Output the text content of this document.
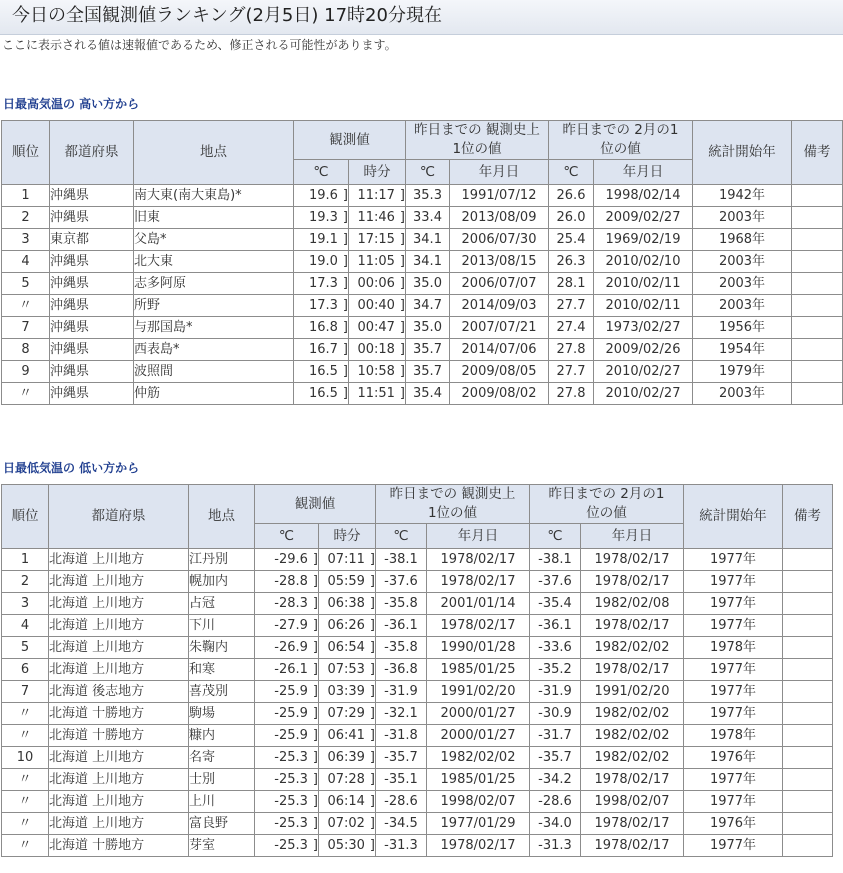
今日の全国観測値ランキング(2月5日) 17時20分現在
ここに表示される値は速報値であるため、修正される可能性があります。
日最高気温の 高い方から
順位	都道府県	地点	観測値		昨日までの 観測史上1位の値		昨日までの 2月の1位の値		統計開始年	備考
			℃	時分	℃	年月日	℃	年月日		
1	沖縄県	南大東(南大東島)*	19.6 ]	11:17 ]	35.3	1991/07/12	26.6	1998/02/14	1942年	
2	沖縄県	旧東	19.3 ]	11:46 ]	33.4	2013/08/09	26.0	2009/02/27	2003年	
3	東京都	父島*	19.1 ]	17:15 ]	34.1	2006/07/30	25.4	1969/02/19	1968年	
4	沖縄県	北大東	19.0 ]	11:05 ]	34.1	2013/08/15	26.3	2010/02/10	2003年	
5	沖縄県	志多阿原	17.3 ]	00:06 ]	35.0	2006/07/07	28.1	2010/02/11	2003年	
〃	沖縄県	所野	17.3 ]	00:40 ]	34.7	2014/09/03	27.7	2010/02/11	2003年	
7	沖縄県	与那国島*	16.8 ]	00:47 ]	35.0	2007/07/21	27.4	1973/02/27	1956年	
8	沖縄県	西表島*	16.7 ]	00:18 ]	35.7	2014/07/06	27.8	2009/02/26	1954年	
9	沖縄県	波照間	16.5 ]	10:58 ]	35.7	2009/08/05	27.7	2010/02/27	1979年	
〃	沖縄県	仲筋	16.5 ]	11:51 ]	35.4	2009/08/02	27.8	2010/02/27	2003年	
日最低気温の 低い方から
順位	都道府県	地点	観測値		昨日までの 観測史上1位の値		昨日までの 2月の1位の値		統計開始年	備考
			℃	時分	℃	年月日	℃	年月日		
1	北海道 上川地方	江丹別	-29.6 ]	07:11 ]	-38.1	1978/02/17	-38.1	1978/02/17	1977年	
2	北海道 上川地方	幌加内	-28.8 ]	05:59 ]	-37.6	1978/02/17	-37.6	1978/02/17	1977年	
3	北海道 上川地方	占冠	-28.3 ]	06:38 ]	-35.8	2001/01/14	-35.4	1982/02/08	1977年	
4	北海道 上川地方	下川	-27.9 ]	06:26 ]	-36.1	1978/02/17	-36.1	1978/02/17	1977年	
5	北海道 上川地方	朱鞠内	-26.9 ]	06:54 ]	-35.8	1990/01/28	-33.6	1982/02/02	1978年	
6	北海道 上川地方	和寒	-26.1 ]	07:53 ]	-36.8	1985/01/25	-35.2	1978/02/17	1977年	
7	北海道 後志地方	喜茂別	-25.9 ]	03:39 ]	-31.9	1991/02/20	-31.9	1991/02/20	1977年	
〃	北海道 十勝地方	駒場	-25.9 ]	07:29 ]	-32.1	2000/01/27	-30.9	1982/02/02	1977年	
〃	北海道 十勝地方	糠内	-25.9 ]	06:41 ]	-31.8	2000/01/27	-31.7	1982/02/02	1978年	
10	北海道 上川地方	名寄	-25.3 ]	06:39 ]	-35.7	1982/02/02	-35.7	1982/02/02	1976年	
〃	北海道 上川地方	士別	-25.3 ]	07:28 ]	-35.1	1985/01/25	-34.2	1978/02/17	1977年	
〃	北海道 上川地方	上川	-25.3 ]	06:14 ]	-28.6	1998/02/07	-28.6	1998/02/07	1977年	
〃	北海道 上川地方	富良野	-25.3 ]	07:02 ]	-34.5	1977/01/29	-34.0	1978/02/17	1976年	
〃	北海道 十勝地方	芽室	-25.3 ]	05:30 ]	-31.3	1978/02/17	-31.3	1978/02/17	1977年	
